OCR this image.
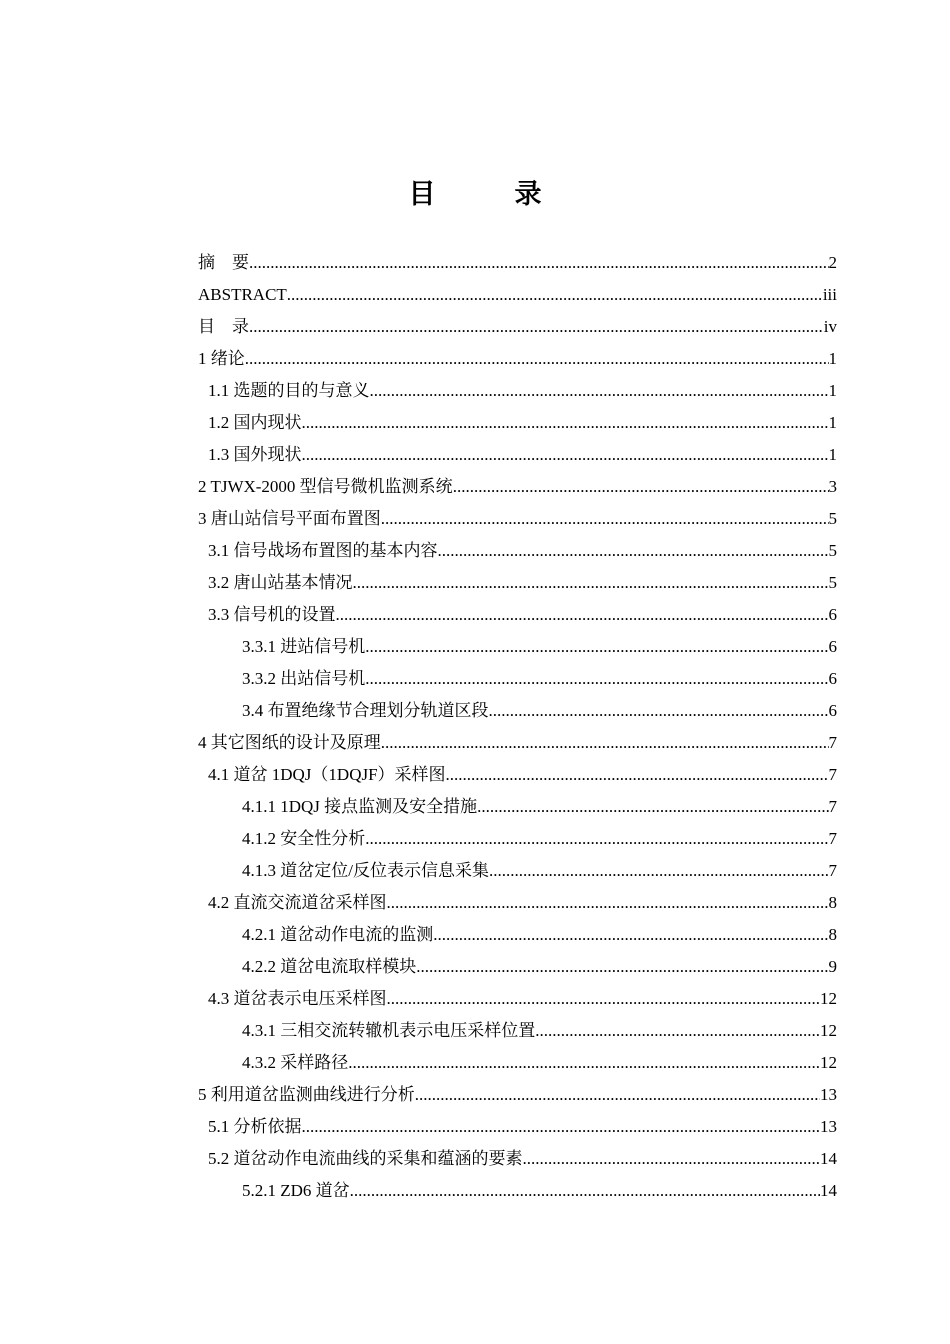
目　录
摘　要 .....	2
ABSTRACT .....	iii
目　录 .....	iv
1 绪论 .....	1
1.1 选题的目的与意义 .....	1
1.2 国内现状 .....	1
1.3 国外现状 .....	1
2 TJWX-2000 型信号微机监测系统 .....	3
3 唐山站信号平面布置图 .....	5
3.1 信号战场布置图的基本内容 .....	5
3.2 唐山站基本情况 .....	5
3.3 信号机的设置 .....	6
3.3.1 进站信号机 .....	6
3.3.2 出站信号机 .....	6
3.4 布置绝缘节合理划分轨道区段 .....	6
4 其它图纸的设计及原理 .....	7
4.1 道岔 1DQJ（1DQJF）采样图 .....	7
4.1.1 1DQJ 接点监测及安全措施 .....	7
4.1.2 安全性分析 .....	7
4.1.3 道岔定位/反位表示信息采集 .....	7
4.2 直流交流道岔采样图 .....	8
4.2.1 道岔动作电流的监测 .....	8
4.2.2 道岔电流取样模块 .....	9
4.3 道岔表示电压采样图 .....	12
4.3.1 三相交流转辙机表示电压采样位置 .....	12
4.3.2 采样路径 .....	12
5 利用道岔监测曲线进行分析 .....	13
5.1 分析依据 .....	13
5.2 道岔动作电流曲线的采集和蕴涵的要素 .....	14
5.2.1 ZD6 道岔 .....	14
